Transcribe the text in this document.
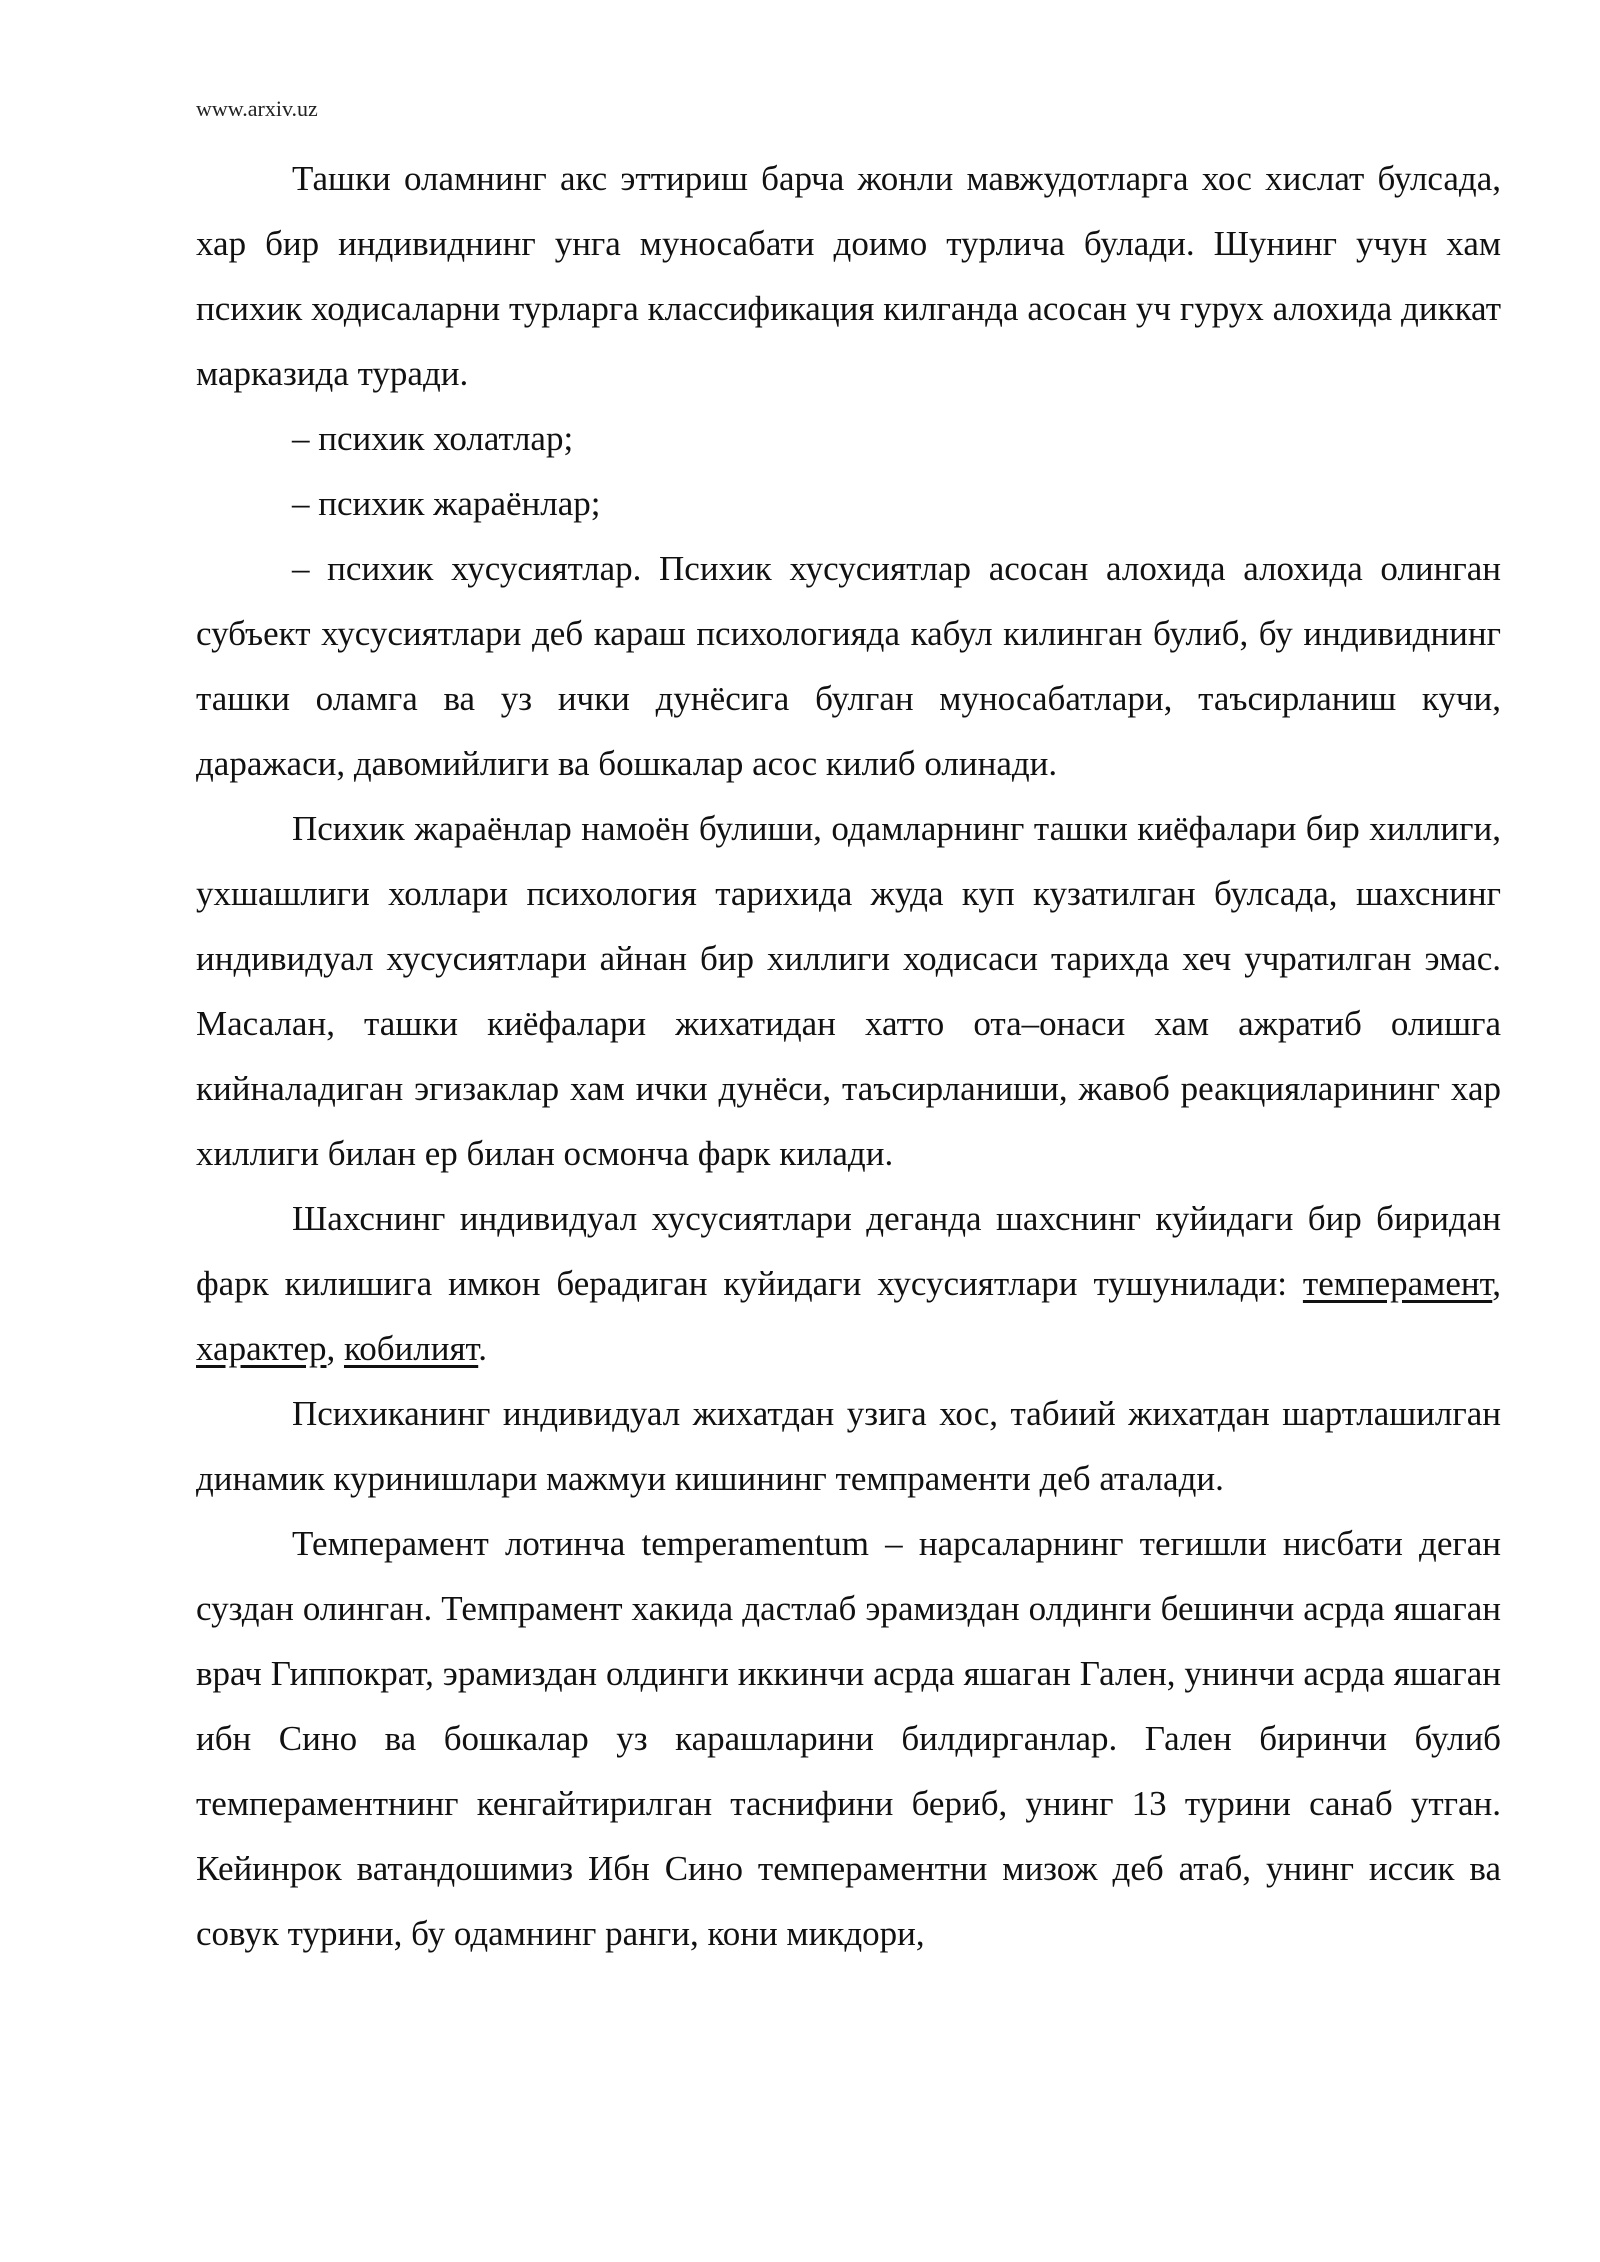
www.arxiv.uz

Ташки оламнинг акс эттириш барча жонли мавжудотларга хос хислат булсада, хар бир индивиднинг унга муносабати доимо турлича булади. Шунинг учун хам психик ходисаларни турларга классификация килганда асосан уч гурух алохида диккат марказида туради.

– психик холатлар;

– психик жараёнлар;

– психик хусусиятлар. Психик хусусиятлар асосан алохида алохида олинган субъект хусусиятлари деб караш психологияда кабул килинган булиб, бу индивиднинг ташки оламга ва уз ички дунёсига булган муносабатлари, таъсирланиш кучи, даражаси, давомийлиги ва бошкалар асос килиб олинади.

Психик жараёнлар намоён булиши, одамларнинг ташки киёфалари бир хиллиги, ухшашлиги холлари психология тарихида жуда куп кузатилган булсада, шахснинг индивидуал хусусиятлари айнан бир хиллиги ходисаси тарихда хеч учратилган эмас. Масалан, ташки киёфалари жихатидан хатто ота–онаси хам ажратиб олишга кийналадиган эгизаклар хам ички дунёси, таъсирланиши, жавоб реакцияларининг хар хиллиги билан ер билан осмонча фарк килади.

Шахснинг индивидуал хусусиятлари деганда шахснинг куйидаги бир биридан фарк килишига имкон берадиган куйидаги хусусиятлари тушунилади: темперамент, характер, кобилият.

Психиканинг индивидуал жихатдан узига хос, табиий жихатдан шартлашилган динамик куринишлари мажмуи кишининг темпраменти деб аталади.

Темперамент лотинча temperamentum – нарсаларнинг тегишли нисбати деган суздан олинган. Темпрамент хакида дастлаб эрамиздан олдинги бешинчи асрда яшаган врач Гиппократ, эрамиздан олдинги иккинчи асрда яшаган Гален, унинчи асрда яшаган ибн Сино ва бошкалар уз карашларини билдирганлар. Гален биринчи булиб темпераментнинг кенгайтирилган таснифини бериб, унинг 13 турини санаб утган. Кейинрок ватандошимиз Ибн Сино темпераментни мизож деб атаб, унинг иссик ва совук турини, бу одамнинг ранги, кони микдори,
